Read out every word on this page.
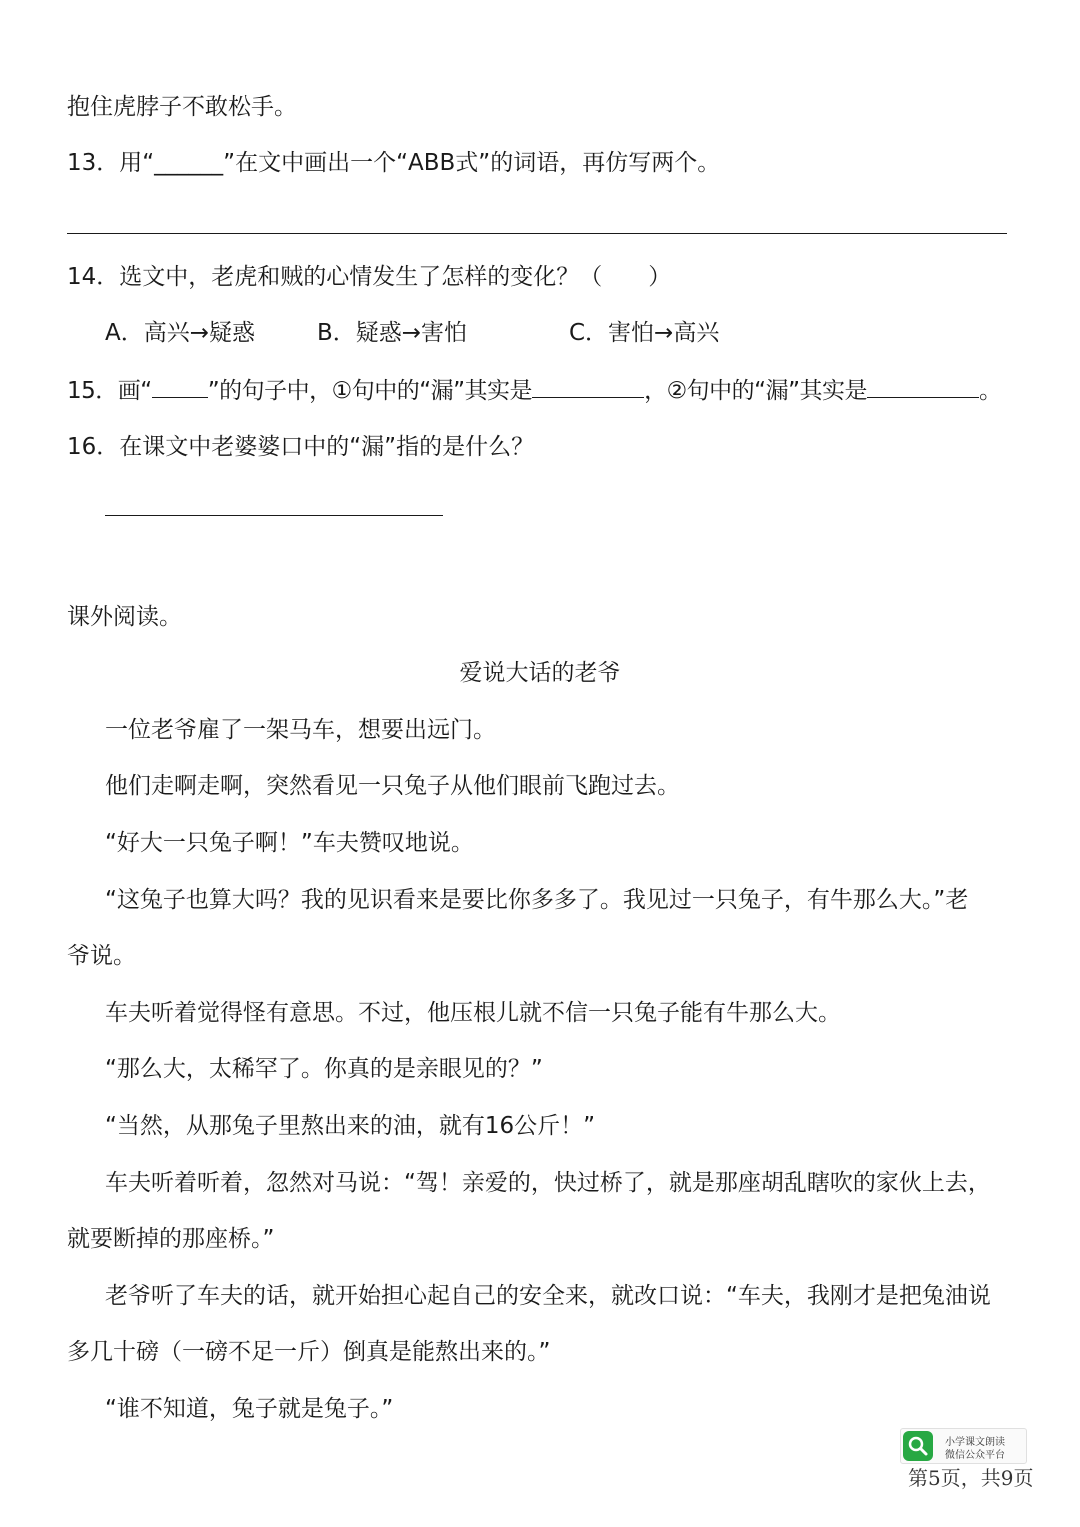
抱住虎脖子不敢松手。

13．用“______”在文中画出一个“ABB式”的词语，再仿写两个。

14．选文中，老虎和贼的心情发生了怎样的变化？（　　）

A．高兴→疑惑	B．疑惑→害怕	C．害怕→高兴

15．画“ ”的句子中，①句中的“漏”其实是	，②句中的“漏”其实是	。

16．在课文中老婆婆口中的“漏”指的是什么？

课外阅读。

爱说大话的老爷

一位老爷雇了一架马车，想要出远门。

他们走啊走啊，突然看见一只兔子从他们眼前飞跑过去。

“好大一只兔子啊！”车夫赞叹地说。

“这兔子也算大吗？我的见识看来是要比你多多了。我见过一只兔子，有牛那么大。”老

爷说。

车夫听着觉得怪有意思。不过，他压根儿就不信一只兔子能有牛那么大。

“那么大，太稀罕了。你真的是亲眼见的？”

“当然，从那兔子里熬出来的油，就有16公斤！”

车夫听着听着，忽然对马说：“驾！亲爱的，快过桥了，就是那座胡乱瞎吹的家伙上去，

就要断掉的那座桥。”

老爷听了车夫的话，就开始担心起自己的安全来，就改口说：“车夫，我刚才是把兔油说

多几十磅（一磅不足一斤）倒真是能熬出来的。”

“谁不知道，兔子就是兔子。”

小学课文朗读
微信公众平台
第5页，共9页
